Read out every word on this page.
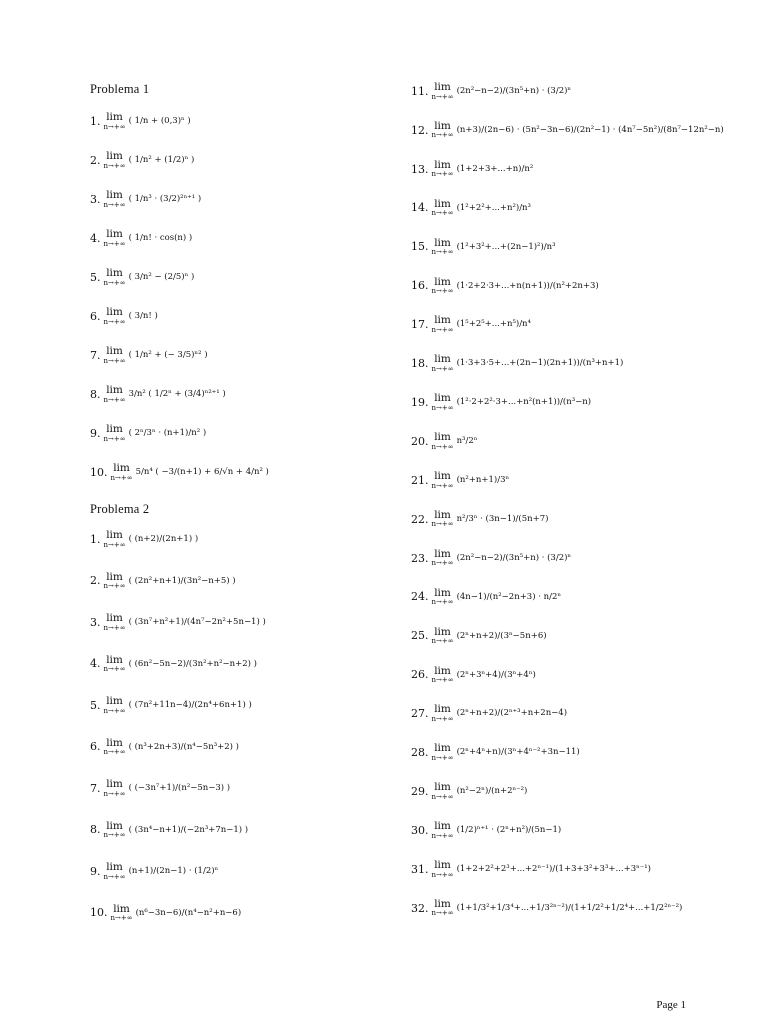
Problema 1
1. lim
n→+∞
( 1/n + (0,3)ⁿ )
2. lim
n→+∞
( 1/n² + (1/2)ⁿ )
3. lim
n→+∞
( 1/n³ · (3/2)²ⁿ⁺¹ )
4. lim
n→+∞
( 1/n! · cos(n) )
5. lim
n→+∞
( 3/n² − (2/5)ⁿ )
6. lim
n→+∞
( 3/n! )
7. lim
n→+∞
( 1/n² + (− 3/5)ⁿ² )
8. lim
n→+∞
3/n² ( 1/2ⁿ + (3/4)ⁿ²⁺¹ )
9. lim
n→+∞
( 2ⁿ/3ⁿ · (n+1)/n² )
10. lim
n→+∞
5/n⁴ ( −3/(n+1) + 6/√n + 4/n² )
Problema 2
1. lim
n→+∞
( (n+2)/(2n+1) )
2. lim
n→+∞
( (2n²+n+1)/(3n²−n+5) )
3. lim
n→+∞
( (3n⁷+n²+1)/(4n⁷−2n²+5n−1) )
4. lim
n→+∞
( (6n²−5n−2)/(3n²+n²−n+2) )
5. lim
n→+∞
( (7n²+11n−4)/(2n⁴+6n+1) )
6. lim
n→+∞
( (n³+2n+3)/(n⁴−5n³+2) )
7. lim
n→+∞
( (−3n⁷+1)/(n²−5n−3) )
8. lim
n→+∞
( (3n⁴−n+1)/(−2n³+7n−1) )
9. lim
n→+∞
(n+1)/(2n−1) · (1/2)ⁿ
10. lim
n→+∞
(n⁶−3n−6)/(n⁴−n²+n−6)
11. lim
n→+∞
(2n²−n−2)/(3n⁵+n) · (3/2)ⁿ
12. lim
n→+∞
(n+3)/(2n−6) · (5n²−3n−6)/(2n²−1) · (4n⁷−5n²)/(8n⁷−12n²−n)
13. lim
n→+∞
(1+2+3+...+n)/n²
14. lim
n→+∞
(1²+2²+...+n²)/n³
15. lim
n→+∞
(1²+3²+...+(2n−1)²)/n³
16. lim
n→+∞
(1·2+2·3+...+n(n+1))/(n²+2n+3)
17. lim
n→+∞
(1⁵+2⁵+...+n⁵)/n⁴
18. lim
n→+∞
(1·3+3·5+...+(2n−1)(2n+1))/(n³+n+1)
19. lim
n→+∞
(1²·2+2²·3+...+n²(n+1))/(n³−n)
20. lim
n→+∞
n³/2ⁿ
21. lim
n→+∞
(n²+n+1)/3ⁿ
22. lim
n→+∞
n²/3ⁿ · (3n−1)/(5n+7)
23. lim
n→+∞
(2n²−n−2)/(3n⁵+n) · (3/2)ⁿ
24. lim
n→+∞
(4n−1)/(n²−2n+3) · n/2ⁿ
25. lim
n→+∞
(2ⁿ+n+2)/(3ⁿ−5n+6)
26. lim
n→+∞
(2ⁿ+3ⁿ+4)/(3ⁿ+4ⁿ)
27. lim
n→+∞
(2ⁿ+n+2)/(2ⁿ⁺³+n+2n−4)
28. lim
n→+∞
(2ⁿ+4ⁿ+n)/(3ⁿ+4ⁿ⁻²+3n−11)
29. lim
n→+∞
(n²−2ⁿ)/(n+2ⁿ⁻²)
30. lim
n→+∞
(1/2)ⁿ⁺¹ · (2ⁿ+n²)/(5n−1)
31. lim
n→+∞
(1+2+2²+2³+...+2ⁿ⁻¹)/(1+3+3²+3³+...+3ⁿ⁻¹)
32. lim
n→+∞
(1+1/3²+1/3⁴+...+1/3²ⁿ⁻²)/(1+1/2²+1/2⁴+...+1/2²ⁿ⁻²)
Page 1
